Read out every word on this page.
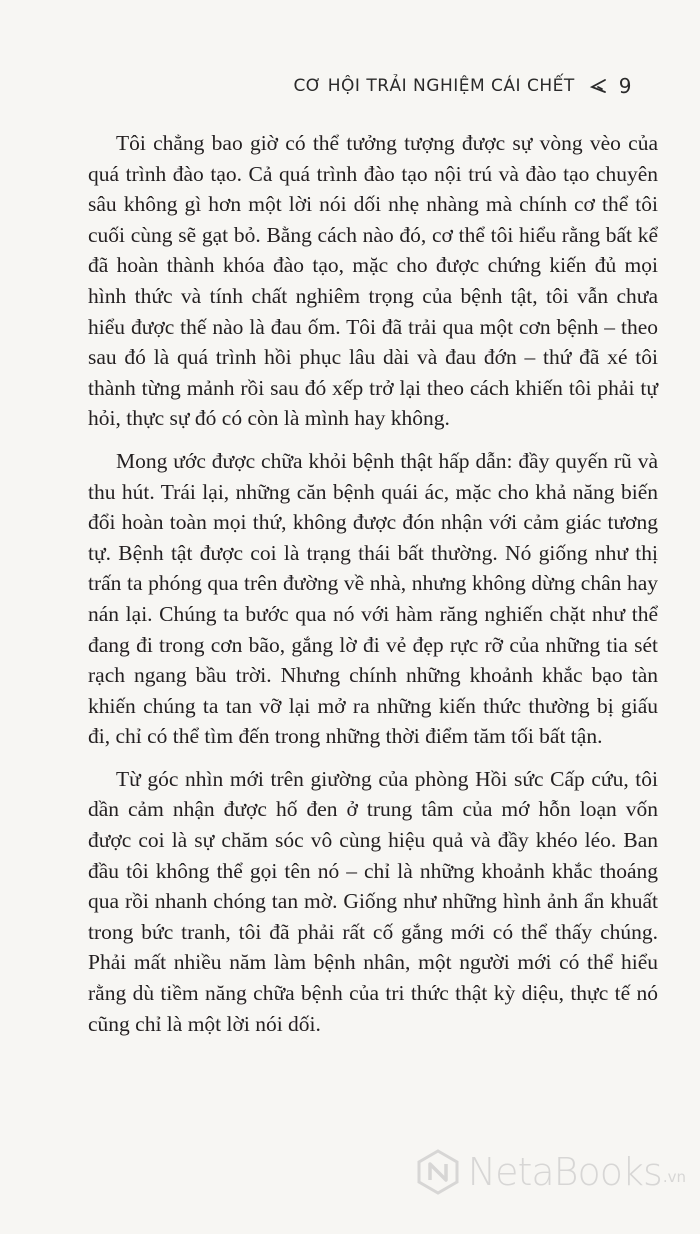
CƠ HỘI TRẢI NGHIỆM CÁI CHẾT 9

Tôi chẳng bao giờ có thể tưởng tượng được sự vòng vèo của quá trình đào tạo. Cả quá trình đào tạo nội trú và đào tạo chuyên sâu không gì hơn một lời nói dối nhẹ nhàng mà chính cơ thể tôi cuối cùng sẽ gạt bỏ. Bằng cách nào đó, cơ thể tôi hiểu rằng bất kể đã hoàn thành khóa đào tạo, mặc cho được chứng kiến đủ mọi hình thức và tính chất nghiêm trọng của bệnh tật, tôi vẫn chưa hiểu được thế nào là đau ốm. Tôi đã trải qua một cơn bệnh – theo sau đó là quá trình hồi phục lâu dài và đau đớn – thứ đã xé tôi thành từng mảnh rồi sau đó xếp trở lại theo cách khiến tôi phải tự hỏi, thực sự đó có còn là mình hay không.

Mong ước được chữa khỏi bệnh thật hấp dẫn: đầy quyến rũ và thu hút. Trái lại, những căn bệnh quái ác, mặc cho khả năng biến đổi hoàn toàn mọi thứ, không được đón nhận với cảm giác tương tự. Bệnh tật được coi là trạng thái bất thường. Nó giống như thị trấn ta phóng qua trên đường về nhà, nhưng không dừng chân hay nán lại. Chúng ta bước qua nó với hàm răng nghiến chặt như thể đang đi trong cơn bão, gắng lờ đi vẻ đẹp rực rỡ của những tia sét rạch ngang bầu trời. Nhưng chính những khoảnh khắc bạo tàn khiến chúng ta tan vỡ lại mở ra những kiến thức thường bị giấu đi, chỉ có thể tìm đến trong những thời điểm tăm tối bất tận.

Từ góc nhìn mới trên giường của phòng Hồi sức Cấp cứu, tôi dần cảm nhận được hố đen ở trung tâm của mớ hỗn loạn vốn được coi là sự chăm sóc vô cùng hiệu quả và đầy khéo léo. Ban đầu tôi không thể gọi tên nó – chỉ là những khoảnh khắc thoáng qua rồi nhanh chóng tan mờ. Giống như những hình ảnh ẩn khuất trong bức tranh, tôi đã phải rất cố gắng mới có thể thấy chúng. Phải mất nhiều năm làm bệnh nhân, một người mới có thể hiểu rằng dù tiềm năng chữa bệnh của tri thức thật kỳ diệu, thực tế nó cũng chỉ là một lời nói dối.

NetaBooks .vn
